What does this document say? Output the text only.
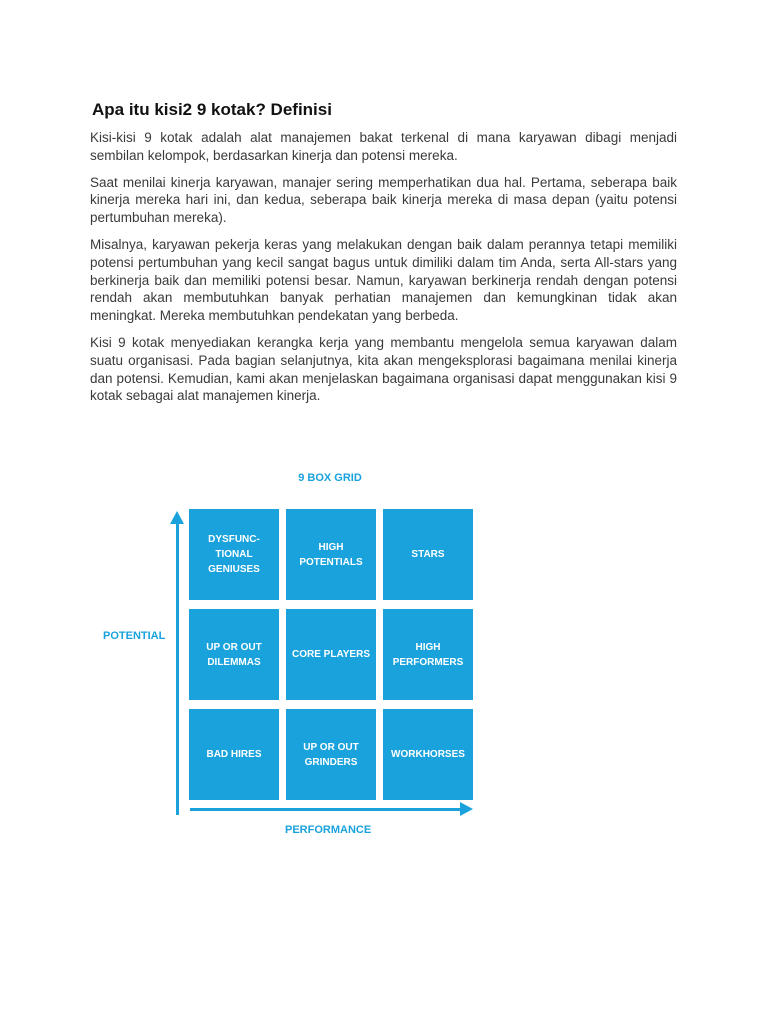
Apa itu kisi2 9 kotak? Definisi

Kisi-kisi 9 kotak adalah alat manajemen bakat terkenal di mana karyawan dibagi menjadi sembilan kelompok, berdasarkan kinerja dan potensi mereka.

Saat menilai kinerja karyawan, manajer sering memperhatikan dua hal. Pertama, seberapa baik kinerja mereka hari ini, dan kedua, seberapa baik kinerja mereka di masa depan (yaitu potensi pertumbuhan mereka).

Misalnya, karyawan pekerja keras yang melakukan dengan baik dalam perannya tetapi memiliki potensi pertumbuhan yang kecil sangat bagus untuk dimiliki dalam tim Anda, serta All-stars yang berkinerja baik dan memiliki potensi besar. Namun, karyawan berkinerja rendah dengan potensi rendah akan membutuhkan banyak perhatian manajemen dan kemungkinan tidak akan meningkat. Mereka membutuhkan pendekatan yang berbeda.

Kisi 9 kotak menyediakan kerangka kerja yang membantu mengelola semua karyawan dalam suatu organisasi. Pada bagian selanjutnya, kita akan mengeksplorasi bagaimana menilai kinerja dan potensi. Kemudian, kami akan menjelaskan bagaimana organisasi dapat menggunakan kisi 9 kotak sebagai alat manajemen kinerja.

9 BOX GRID
POTENTIAL
PERFORMANCE
DYSFUNC-
TIONAL
GENIUSES
HIGH
POTENTIALS
STARS
UP OR OUT
DILEMMAS
CORE PLAYERS
HIGH
PERFORMERS
BAD HIRES
UP OR OUT
GRINDERS
WORKHORSES
